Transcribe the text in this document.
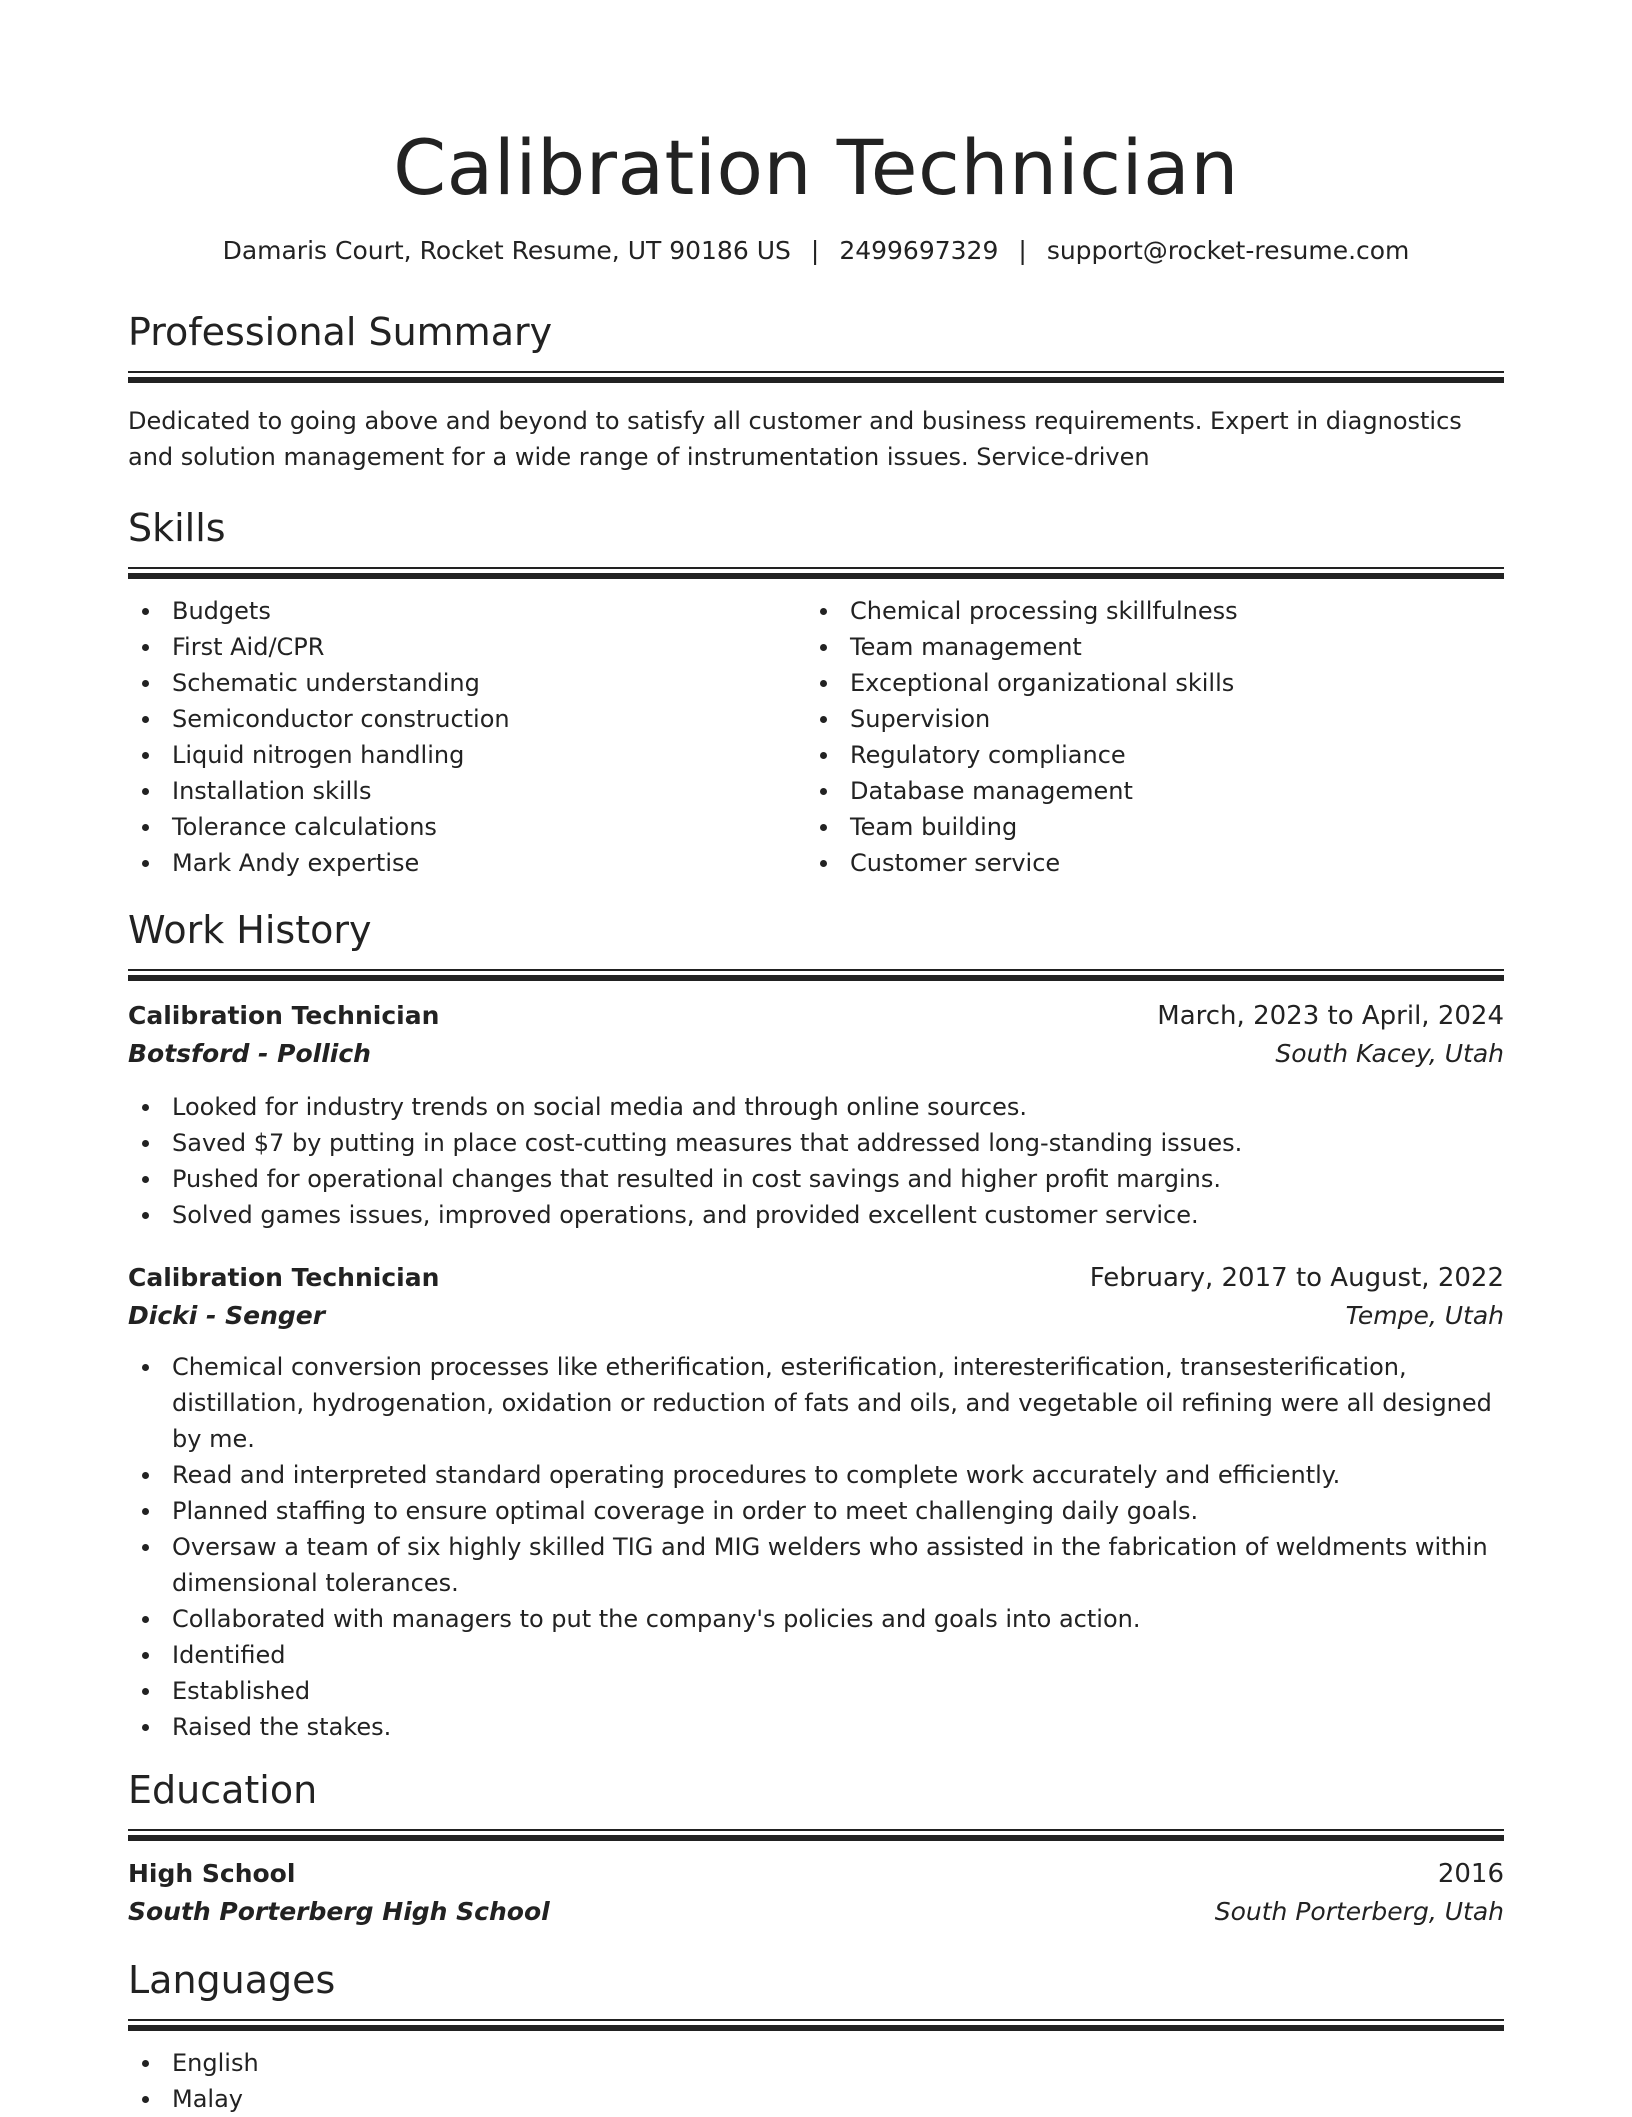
Calibration Technician
Damaris Court, Rocket Resume, UT 90186 US | 2499697329 | support@rocket-resume.com
Professional Summary
Dedicated to going above and beyond to satisfy all customer and business requirements. Expert in diagnostics and solution management for a wide range of instrumentation issues. Service-driven
Skills
Budgets
First Aid/CPR
Schematic understanding
Semiconductor construction
Liquid nitrogen handling
Installation skills
Tolerance calculations
Mark Andy expertise
Chemical processing skillfulness
Team management
Exceptional organizational skills
Supervision
Regulatory compliance
Database management
Team building
Customer service
Work History
Calibration Technician	March, 2023 to April, 2024
Botsford - Pollich	South Kacey, Utah
Looked for industry trends on social media and through online sources.
Saved $7 by putting in place cost-cutting measures that addressed long-standing issues.
Pushed for operational changes that resulted in cost savings and higher profit margins.
Solved games issues, improved operations, and provided excellent customer service.
Calibration Technician	February, 2017 to August, 2022
Dicki - Senger	Tempe, Utah
Chemical conversion processes like etherification, esterification, interesterification, transesterification, distillation, hydrogenation, oxidation or reduction of fats and oils, and vegetable oil refining were all designed by me.
Read and interpreted standard operating procedures to complete work accurately and efficiently.
Planned staffing to ensure optimal coverage in order to meet challenging daily goals.
Oversaw a team of six highly skilled TIG and MIG welders who assisted in the fabrication of weldments within dimensional tolerances.
Collaborated with managers to put the company's policies and goals into action.
Identified
Established
Raised the stakes.
Education
High School	2016
South Porterberg High School	South Porterberg, Utah
Languages
English
Malay
